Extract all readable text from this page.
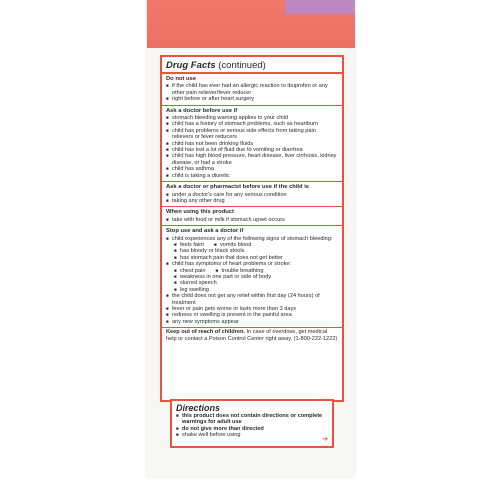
Drug Facts (continued)
Do not use
■ if the child has ever had an allergic reaction to ibuprofen or any other pain reliever/fever reducer
■ right before or after heart surgery
Ask a doctor before use if
■ stomach bleeding warning applies to your child
■ child has a history of stomach problems, such as heartburn
■ child has problems or serious side effects from taking pain relievers or fever reducers
■ child has not been drinking fluids
■ child has lost a lot of fluid due to vomiting or diarrhea
■ child has high blood pressure, heart disease, liver cirrhosis, kidney disease, or had a stroke
■ child has asthma
■ child is taking a diuretic
Ask a doctor or pharmacist before use if the child is
■ under a doctor's care for any serious condition
■ taking any other drug
When using this product
■ take with food or milk if stomach upset occurs
Stop use and ask a doctor if
■ child experiences any of the following signs of stomach bleeding:
■ feels faint	■ vomits blood
■ has bloody or black stools
■ has stomach pain that does not get better
■ child has symptoms of heart problems or stroke:
■ chest pain	■ trouble breathing
■ weakness in one part or side of body
■ slurred speech
■ leg swelling
■ the child does not get any relief within first day (24 hours) of treatment
■ fever or pain gets worse or lasts more than 3 days
■ redness or swelling is present in the painful area
■ any new symptoms appear
Keep out of reach of children. In case of overdose, get medical help or contact a Poison Control Center right away. (1-800-222-1222)
Directions
■ this product does not contain directions or complete warnings for adult use
■ do not give more than directed
■ shake well before using
➔
